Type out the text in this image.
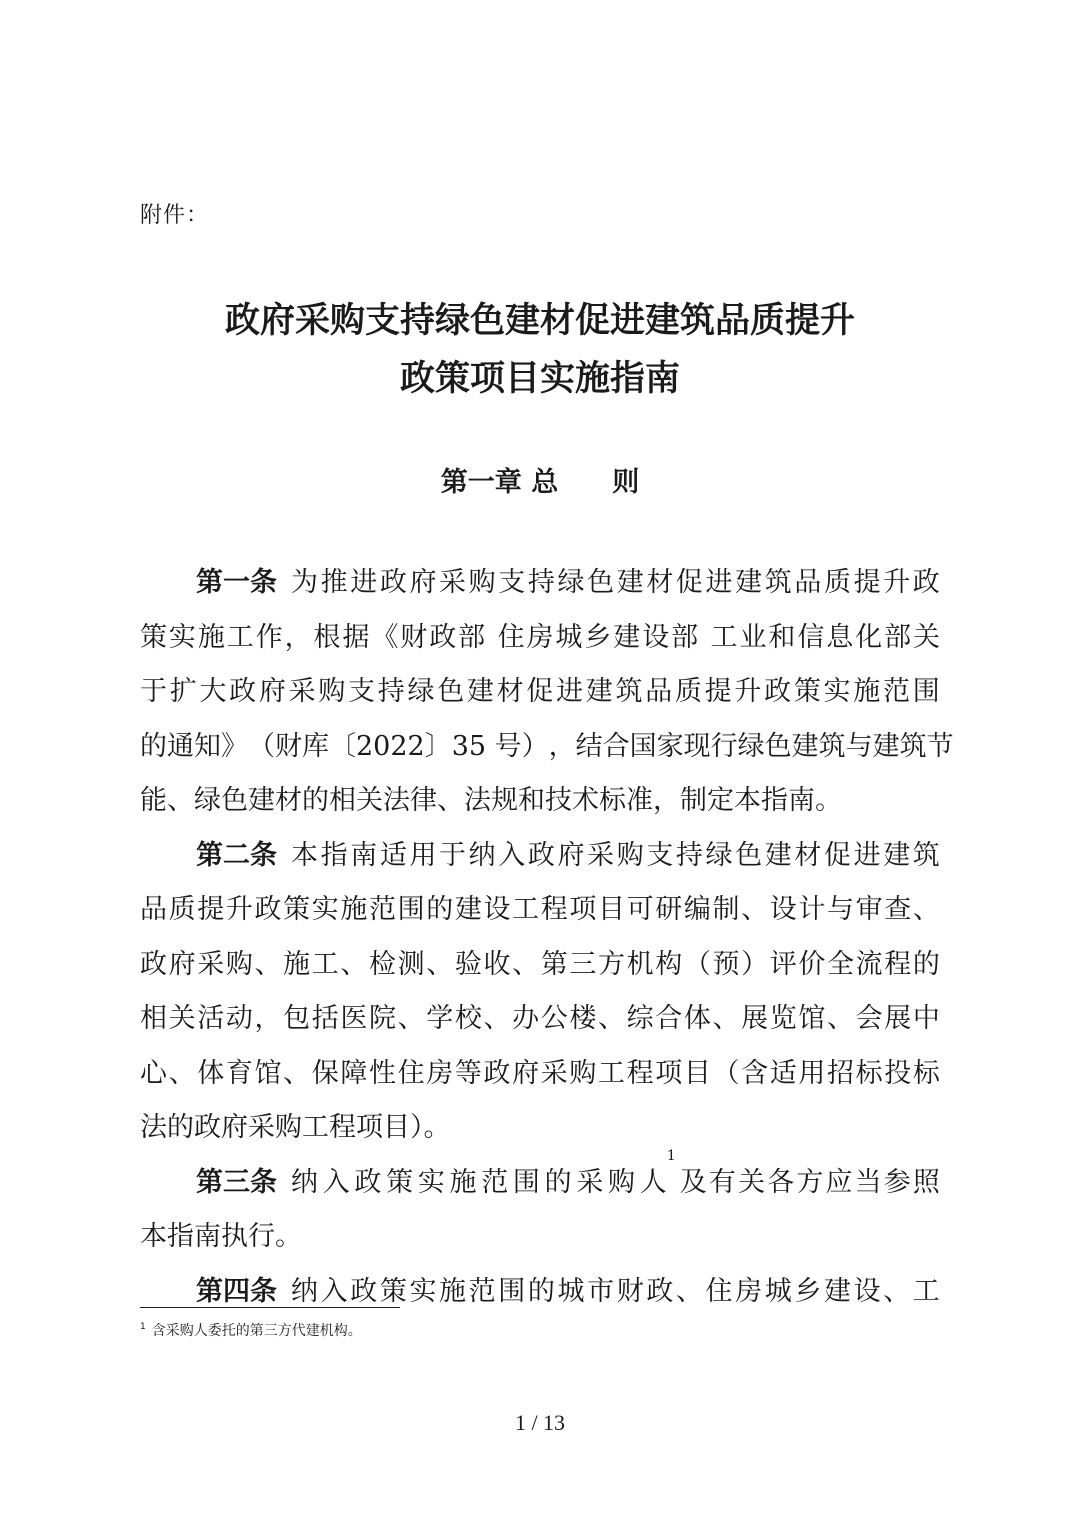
附件：
政府采购支持绿色建材促进建筑品质提升
政策项目实施指南
第一章 总　　则
第一条 为 推 进 政 府 采 购 支 持 绿 色 建 材 促 进 建 筑 品 质 提 升 政
策 实 施 工 作 ， 根 据 《 财 政 部
住 房 城 乡 建 设 部
工 业 和 信 息 化 部 关
于 扩 大 政 府 采 购 支 持 绿 色 建 材 促 进 建 筑 品 质 提 升 政 策 实 施 范 围
的 通 知 》 （ 财 库 〔 2022 〕 35 号 ） ， 结 合 国 家 现 行 绿 色 建 筑 与 建 筑 节
能、绿色建材的相关法律、法规和技术标准，制定本指南。
第二条 本 指 南 适 用 于 纳 入 政 府 采 购 支 持 绿 色 建 材 促 进 建 筑
品 质 提 升 政 策 实 施 范 围 的 建 设 工 程 项 目 可 研 编 制 、 设 计 与 审 查 、
政 府 采 购 、 施 工 、 检 测 、 验 收 、 第 三 方 机 构 （ 预 ） 评 价 全 流 程 的
相 关 活 动 ， 包 括 医 院 、 学 校 、 办 公 楼 、 综 合 体 、 展 览 馆 、 会 展 中
心 、 体 育 馆 、 保 障 性 住 房 等 政 府 采 购 工 程 项 目 （ 含 适 用 招 标 投 标
法的政府采购工程项目）。
第三条 纳 入 政 策 实 施 范 围 的 采 购 人
1
及 有 关 各 方 应 当 参 照
本指南执行。
第四条 纳 入 政 策 实 施 范 围 的 城 市 财 政 、 住 房 城 乡 建 设 、 工
$^1$ 含采购人委托的第三方代建机构。
1 / 13
